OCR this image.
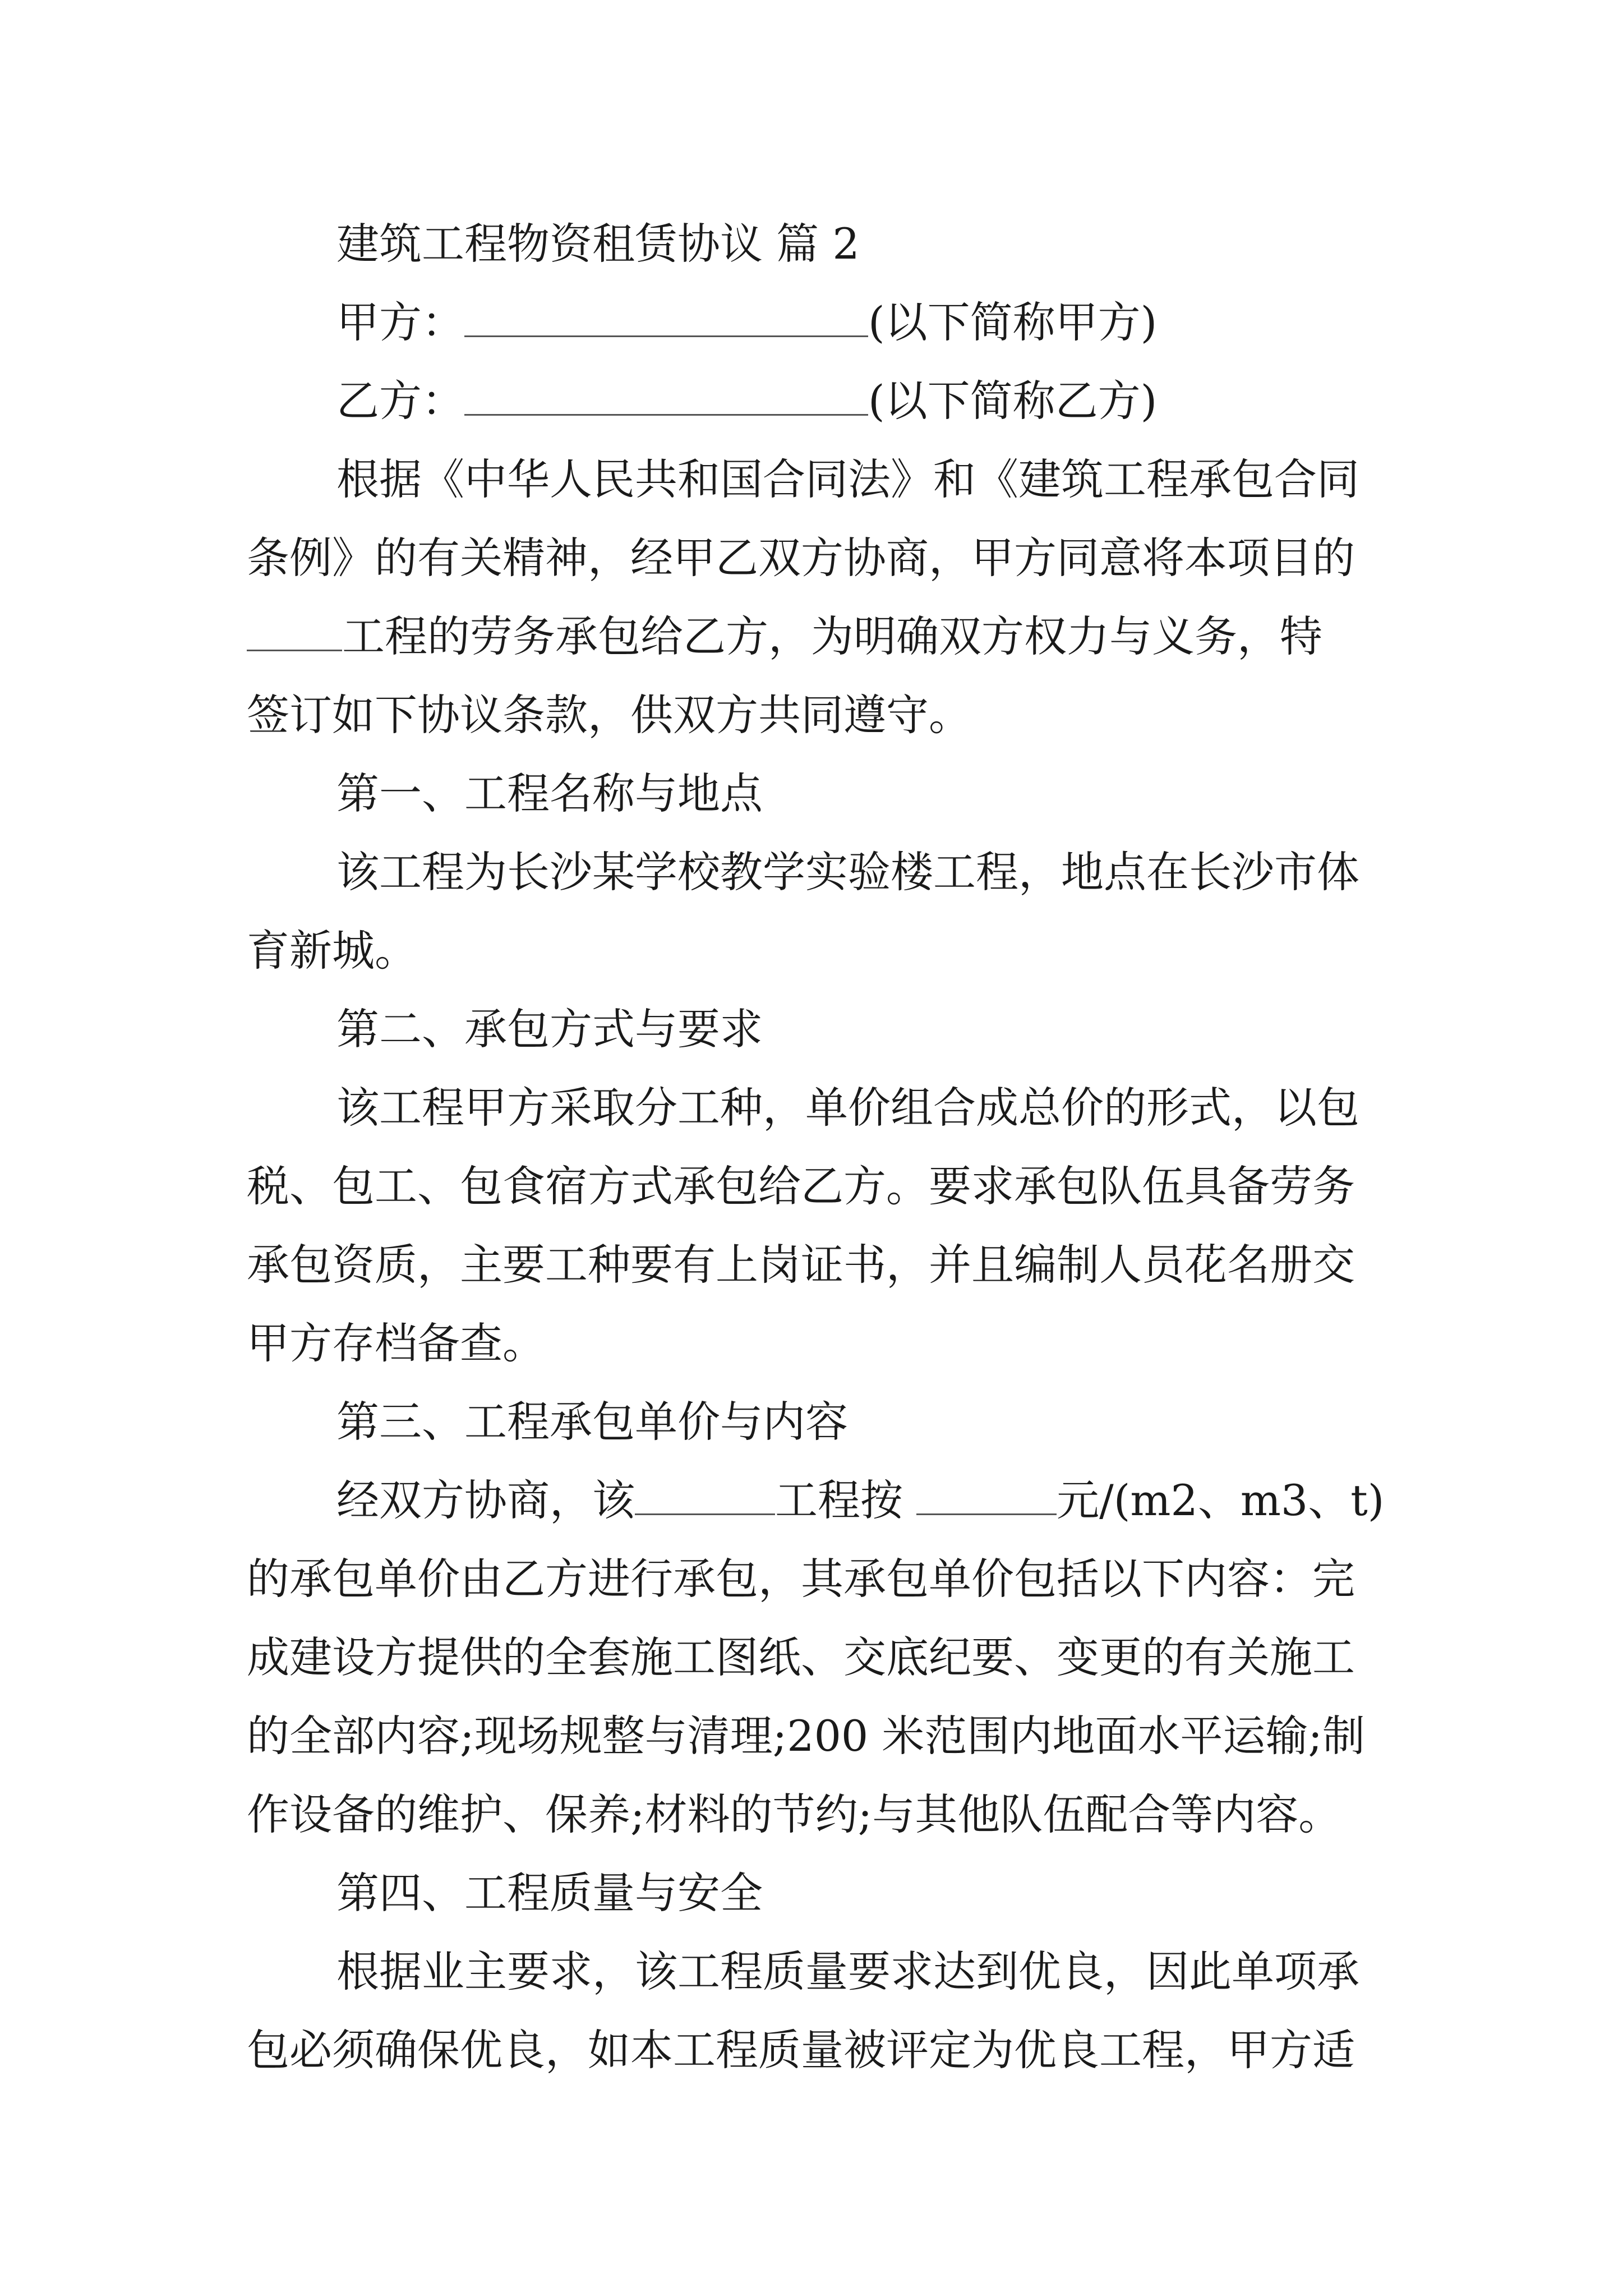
建筑工程物资租赁协议 篇 2
甲方：	(以下简称甲方)
乙方：	(以下简称乙方)
根据《中华人民共和国合同法》和《建筑工程承包合同
条例》的有关精神，经甲乙双方协商，甲方同意将本项目的
工程的劳务承包给乙方，为明确双方权力与义务，特
签订如下协议条款，供双方共同遵守。
第一、工程名称与地点
该工程为长沙某学校教学实验楼工程，地点在长沙市体
育新城。
第二、承包方式与要求
该工程甲方采取分工种，单价组合成总价的形式，以包
税、包工、包食宿方式承包给乙方。要求承包队伍具备劳务
承包资质，主要工种要有上岗证书，并且编制人员花名册交
甲方存档备查。
第三、工程承包单价与内容
经双方协商，该	工程按	元/(m2、m3、t)
的承包单价由乙方进行承包，其承包单价包括以下内容：完
成建设方提供的全套施工图纸、交底纪要、变更的有关施工
的全部内容;现场规整与清理;200 米范围内地面水平运输;制
作设备的维护、保养;材料的节约;与其他队伍配合等内容。
第四、工程质量与安全
根据业主要求，该工程质量要求达到优良，因此单项承
包必须确保优良，如本工程质量被评定为优良工程，甲方适
